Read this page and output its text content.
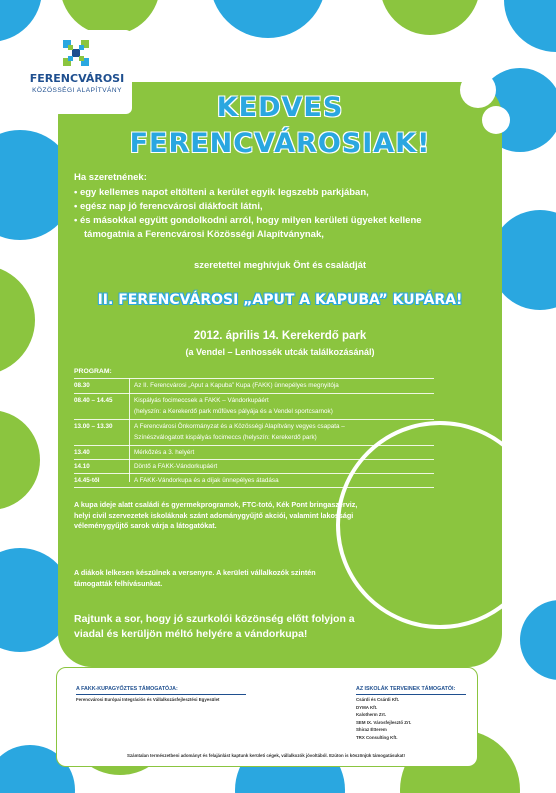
FERENCVÁROSI
KÖZÖSSÉGI ALAPÍTVÁNY
KEDVES
FERENCVÁROSIAK!
Ha szeretnének:
• egy kellemes napot eltölteni a kerület egyik legszebb parkjában,
• egész nap jó ferencvárosi diákfocit látni,
• és másokkal együtt gondolkodni arról, hogy milyen kerületi ügyeket kellene támogatnia a Ferencvárosi Közösségi Alapítványnak,
szeretettel meghívjuk Önt és családját
II. FERENCVÁROSI „APUT A KAPUBA” KUPÁRA!
2012. április 14. Kerekerdő park
(a Vendel – Lenhossék utcák találkozásánál)
PROGRAM:
08.30	Az II. Ferencvárosi „Aput a Kapuba” Kupa (FAKK) ünnepélyes megnyitója
08.40 – 14.45	Kispályás focimeccsek a FAKK – Vándorkupáért
(helyszín: a Kerekerdő park műfüves pályája és a Vendel sportcsarnok)
13.00 – 13.30	A Ferencvárosi Önkormányzat és a Közösségi Alapítvány vegyes csapata –
Színészválogatott kispályás focimeccs (helyszín: Kerekerdő park)
13.40	Mérkőzés a 3. helyért
14.10	Döntő a FAKK-Vándorkupáért
14.45-től	A FAKK-Vándorkupa és a díjak ünnepélyes átadása
A kupa ideje alatt családi és gyermekprogramok, FTC-totó, Kék Pont bringaszerviz, helyi civil szervezetek iskoláknak szánt adománygyűjtő akciói, valamint lakossági véleménygyűjtő sarok várja a látogatókat.
A diákok lelkesen készülnek a versenyre. A kerületi vállalkozók szintén támogatták felhívásunkat.
Rajtunk a sor, hogy jó szurkolói közönség előtt folyjon a viadal és kerüljön méltó helyére a vándorkupa!
A FAKK-KUPAGYŐZTES TÁMOGATÓJA:
Ferencvárosi Európai Integrációs és Vállalkozásfejlesztési Egyesület
AZ ISKOLÁK TERVEINEK TÁMOGATÓI:
Csárdi és Csárdi Kft.
DYMA Kft.
Kalotherm Zrt.
SEM IX. Városfejlesztő Zrt.
Shiraz Étterem
TRX Consulting Kft.
Számtalan természetbeni adományt és felajánlást kaptunk kerületi cégek, vállalkozók jóvoltából. Ezúton is köszönjük támogatásukat!
